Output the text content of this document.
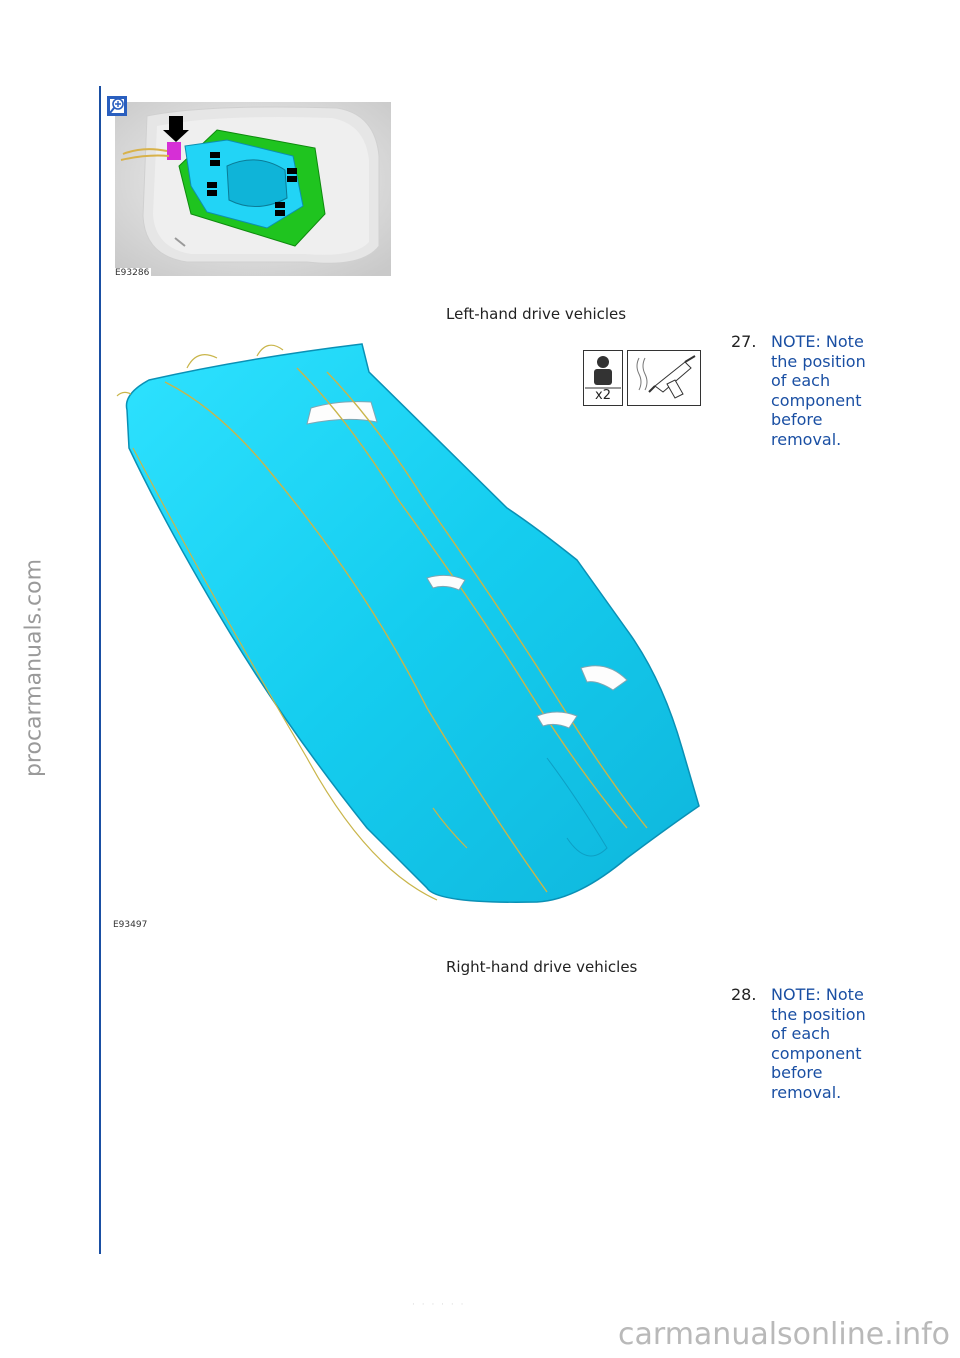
procarmanuals.com
E93286
Left-hand drive vehicles
E93497
x2
27. NOTE: Note
the position
of each
component
before
removal.
Right-hand drive vehicles
28. NOTE: Note
the position
of each
component
before
removal.
· · · · · ·
carmanualsonline.info
